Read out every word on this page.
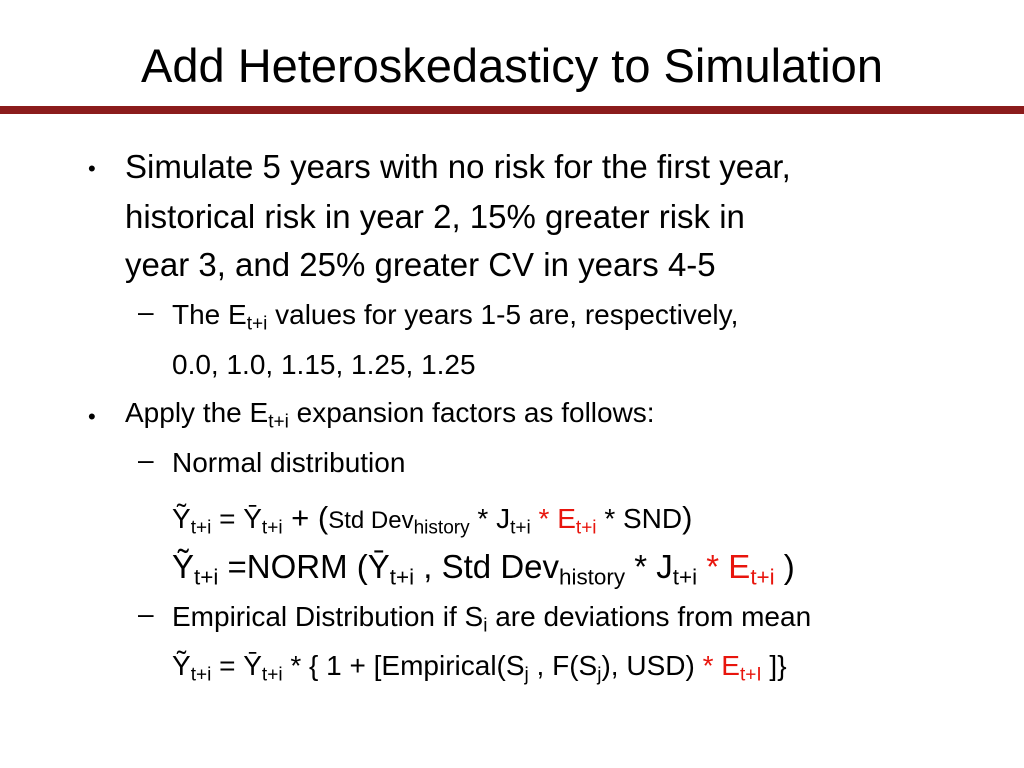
Add Heteroskedasticy to Simulation
• Simulate 5 years with no risk for the first year,
historical risk in year 2, 15% greater risk in
year 3, and 25% greater CV in years 4-5
– The $E_{t+i}$ values for years 1-5 are, respectively,
0.0, 1.0, 1.15, 1.25, 1.25
• Apply the $E_{t+i}$ expansion factors as follows:
– Normal distribution
Ỹ$_{t+i}$ = $Ȳ_{t+i} + (Std$ $Dev_{history} * J_{t+i} * E_{t+i} * SND$)
Ỹ$_{t+i}$ =NORM ($Ȳ_{t+i}$ , Std $Dev_{history} * J_{t+i} * E_{t+i}$ )
– Empirical Distribution if $S_i$ are deviations from mean
Ỹ$_{t+i}$ = $Ȳ_{t+i}$ * { $1 + [Empirical(S_j$ , $F(S_j)$, $USD) * E_{t+I}$ ]}
